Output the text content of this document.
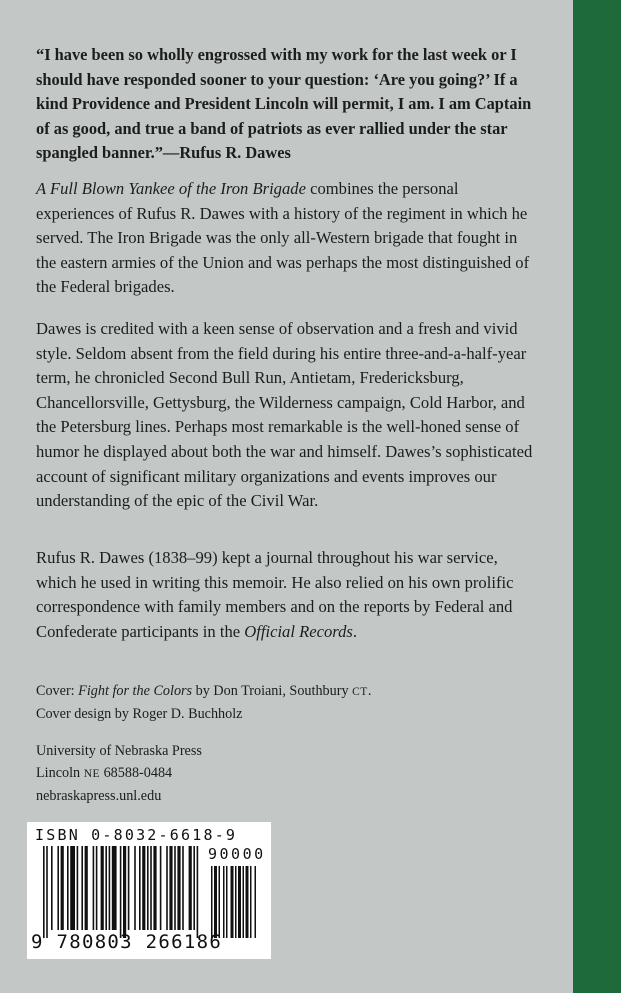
“I have been so wholly engrossed with my work for the last week or I should have responded sooner to your question: ‘Are you going?’ If a kind Providence and President Lincoln will permit, I am. I am Captain of as good, and true a band of patriots as ever rallied under the star spangled banner.”—Rufus R. Dawes

A Full Blown Yankee of the Iron Brigade combines the personal experiences of Rufus R. Dawes with a history of the regiment in which he served. The Iron Brigade was the only all-Western brigade that fought in the eastern armies of the Union and was perhaps the most distinguished of the Federal brigades.

Dawes is credited with a keen sense of observation and a fresh and vivid style. Seldom absent from the field during his entire three-and-a-half-year term, he chronicled Second Bull Run, Antietam, Fredericksburg, Chancellorsville, Gettysburg, the Wilderness campaign, Cold Harbor, and the Petersburg lines. Perhaps most remarkable is the well-honed sense of humor he displayed about both the war and himself. Dawes’s sophisticated account of significant military organizations and events improves our understanding of the epic of the Civil War.

Rufus R. Dawes (1838–99) kept a journal throughout his war service, which he used in writing this memoir. He also relied on his own prolific correspondence with family members and on the reports by Federal and Confederate participants in the Official Records.

Cover: Fight for the Colors by Don Troiani, Southbury CT.
Cover design by Roger D. Buchholz
University of Nebraska Press
Lincoln NE 68588-0484
nebraskapress.unl.edu
ISBN 0-8032-6618-9
90000
9 780803 266186
